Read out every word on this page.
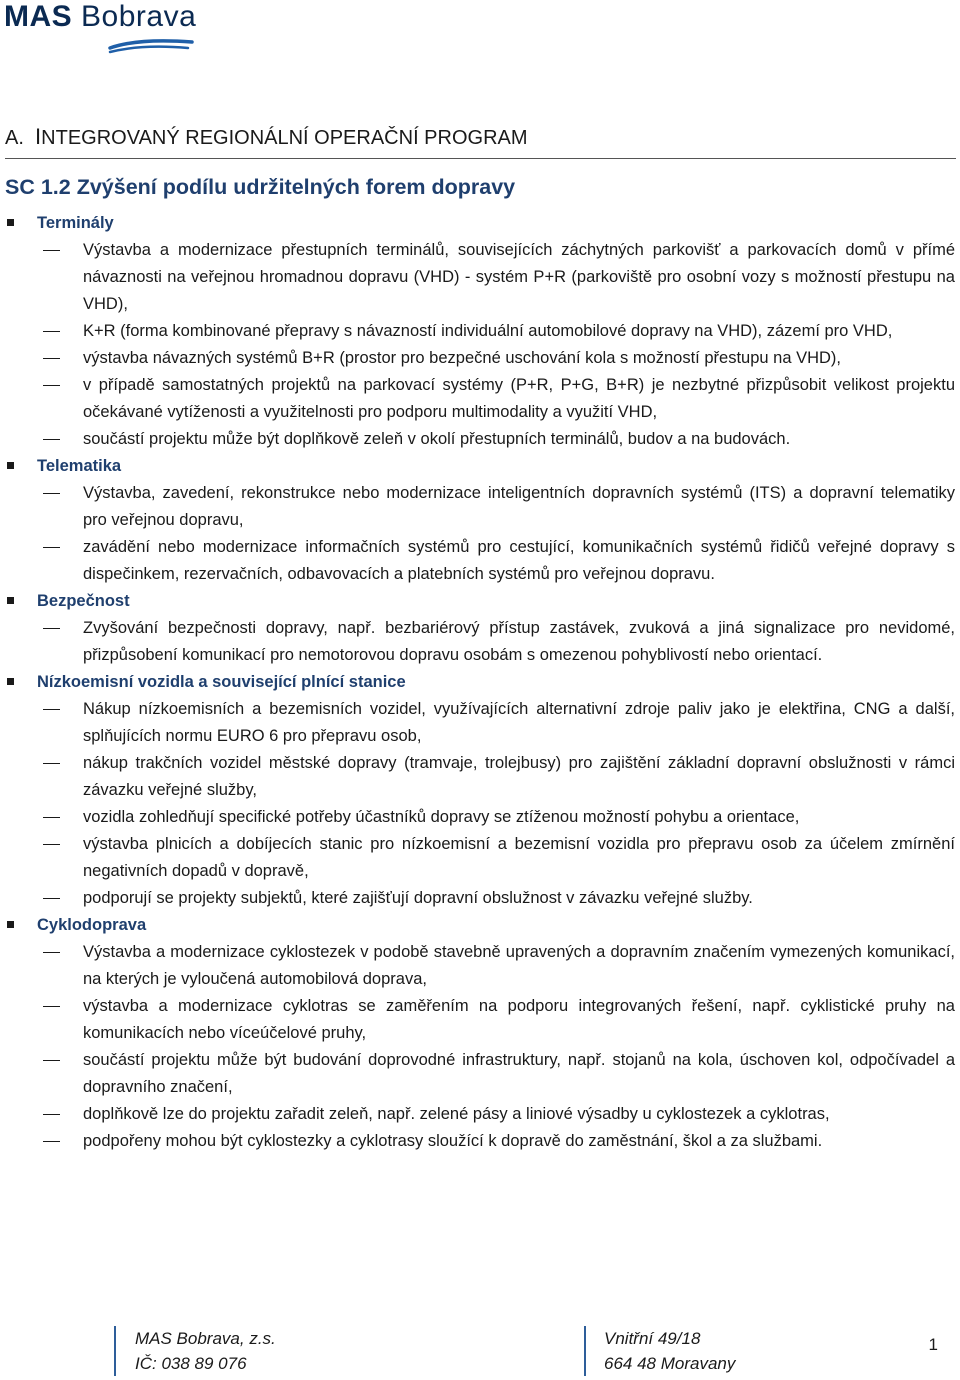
MAS Bobrava
A. INTEGROVANÝ REGIONÁLNÍ OPERAČNÍ PROGRAM
SC 1.2 Zvýšení podílu udržitelných forem dopravy
Terminály
Výstavba a modernizace přestupních terminálů, souvisejících záchytných parkovišť a parkovacích domů v přímé návaznosti na veřejnou hromadnou dopravu (VHD) - systém P+R (parkoviště pro osobní vozy s možností přestupu na VHD),
K+R (forma kombinované přepravy s návazností individuální automobilové dopravy na VHD), zázemí pro VHD,
výstavba návazných systémů B+R (prostor pro bezpečné uschování kola s možností přestupu na VHD),
v případě samostatných projektů na parkovací systémy (P+R, P+G, B+R) je nezbytné přizpůsobit velikost projektu očekávané vytíženosti a využitelnosti pro podporu multimodality a využití VHD,
součástí projektu může být doplňkově zeleň v okolí přestupních terminálů, budov a na budovách.
Telematika
Výstavba, zavedení, rekonstrukce nebo modernizace inteligentních dopravních systémů (ITS) a dopravní telematiky pro veřejnou dopravu,
zavádění nebo modernizace informačních systémů pro cestující, komunikačních systémů řidičů veřejné dopravy s dispečinkem, rezervačních, odbavovacích a platebních systémů pro veřejnou dopravu.
Bezpečnost
Zvyšování bezpečnosti dopravy, např. bezbariérový přístup zastávek, zvuková a jiná signalizace pro nevidomé, přizpůsobení komunikací pro nemotorovou dopravu osobám s omezenou pohyblivostí nebo orientací.
Nízkoemisní vozidla a související plnící stanice
Nákup nízkoemisních a bezemisních vozidel, využívajících alternativní zdroje paliv jako je elektřina, CNG a další, splňujících normu EURO 6 pro přepravu osob,
nákup trakčních vozidel městské dopravy (tramvaje, trolejbusy) pro zajištění základní dopravní obslužnosti v rámci závazku veřejné služby,
vozidla zohledňují specifické potřeby účastníků dopravy se ztíženou možností pohybu a orientace,
výstavba plnicích a dobíjecích stanic pro nízkoemisní a bezemisní vozidla pro přepravu osob za účelem zmírnění negativních dopadů v dopravě,
podporují se projekty subjektů, které zajišťují dopravní obslužnost v závazku veřejné služby.
Cyklodoprava
Výstavba a modernizace cyklostezek v podobě stavebně upravených a dopravním značením vymezených komunikací, na kterých je vyloučená automobilová doprava,
výstavba a modernizace cyklotras se zaměřením na podporu integrovaných řešení, např. cyklistické pruhy na komunikacích nebo víceúčelové pruhy,
součástí projektu může být budování doprovodné infrastruktury, např. stojanů na kola, úschoven kol, odpočívadel a dopravního značení,
doplňkově lze do projektu zařadit zeleň, např. zelené pásy a liniové výsadby u cyklostezek a cyklotras,
podpořeny mohou být cyklostezky a cyklotrasy sloužící k dopravě do zaměstnání, škol a za službami.
MAS Bobrava, z.s.
IČ: 038 89 076
Vnitřní 49/18
664 48 Moravany
1
